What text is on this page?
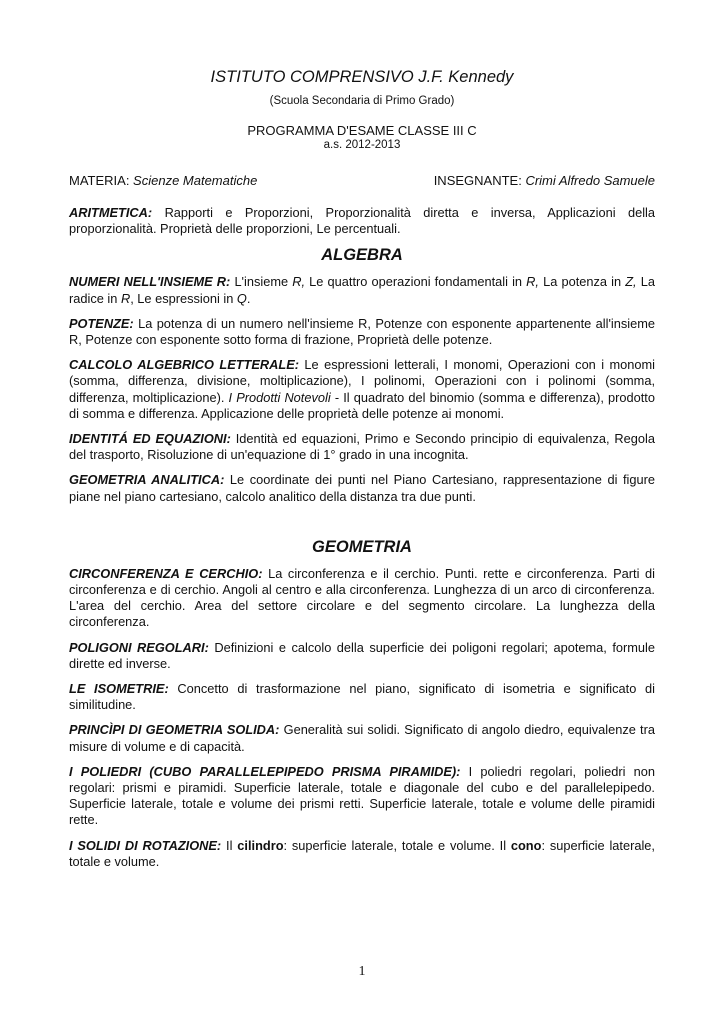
ISTITUTO COMPRENSIVO J.F. Kennedy
(Scuola Secondaria di Primo Grado)
PROGRAMMA D'ESAME CLASSE III C
a.s. 2012-2013
MATERIA: Scienze Matematiche	INSEGNANTE: Crimi Alfredo Samuele

ARITMETICA: Rapporti e Proporzioni, Proporzionalità diretta e inversa, Applicazioni della proporzionalità. Proprietà delle proporzioni, Le percentuali.

ALGEBRA

NUMERI NELL'INSIEME R: L'insieme R, Le quattro operazioni fondamentali in R, La potenza in Z, La radice in R, Le espressioni in Q.

POTENZE: La potenza di un numero nell'insieme R, Potenze con esponente appartenente all'insieme R, Potenze con esponente sotto forma di frazione, Proprietà delle potenze.

CALCOLO ALGEBRICO LETTERALE: Le espressioni letterali, I monomi, Operazioni con i monomi (somma, differenza, divisione, moltiplicazione), I polinomi, Operazioni con i polinomi (somma, differenza, moltiplicazione). I Prodotti Notevoli - Il quadrato del binomio (somma e differenza), prodotto di somma e differenza. Applicazione delle proprietà delle potenze ai monomi.

IDENTITÁ ED EQUAZIONI: Identità ed equazioni, Primo e Secondo principio di equivalenza, Regola del trasporto, Risoluzione di un'equazione di 1° grado in una incognita.

GEOMETRIA ANALITICA: Le coordinate dei punti nel Piano Cartesiano, rappresentazione di figure piane nel piano cartesiano, calcolo analitico della distanza tra due punti.

GEOMETRIA

CIRCONFERENZA E CERCHIO: La circonferenza e il cerchio. Punti. rette e circonferenza. Parti di circonferenza e di cerchio. Angoli al centro e alla circonferenza. Lunghezza di un arco di circonferenza. L'area del cerchio. Area del settore circolare e del segmento circolare. La lunghezza della circonferenza.

POLIGONI REGOLARI: Definizioni e calcolo della superficie dei poligoni regolari; apotema, formule dirette ed inverse.

LE ISOMETRIE: Concetto di trasformazione nel piano, significato di isometria e significato di similitudine.

PRINCÌPI DI GEOMETRIA SOLIDA: Generalità sui solidi. Significato di angolo diedro, equivalenze tra misure di volume e di capacità.

I POLIEDRI (CUBO PARALLELEPIPEDO PRISMA PIRAMIDE): I poliedri regolari, poliedri non regolari: prismi e piramidi. Superficie laterale, totale e diagonale del cubo e del parallelepipedo. Superficie laterale, totale e volume dei prismi retti. Superficie laterale, totale e volume delle piramidi rette.

I SOLIDI DI ROTAZIONE: Il cilindro: superficie laterale, totale e volume. Il cono: superficie laterale, totale e volume.

1
